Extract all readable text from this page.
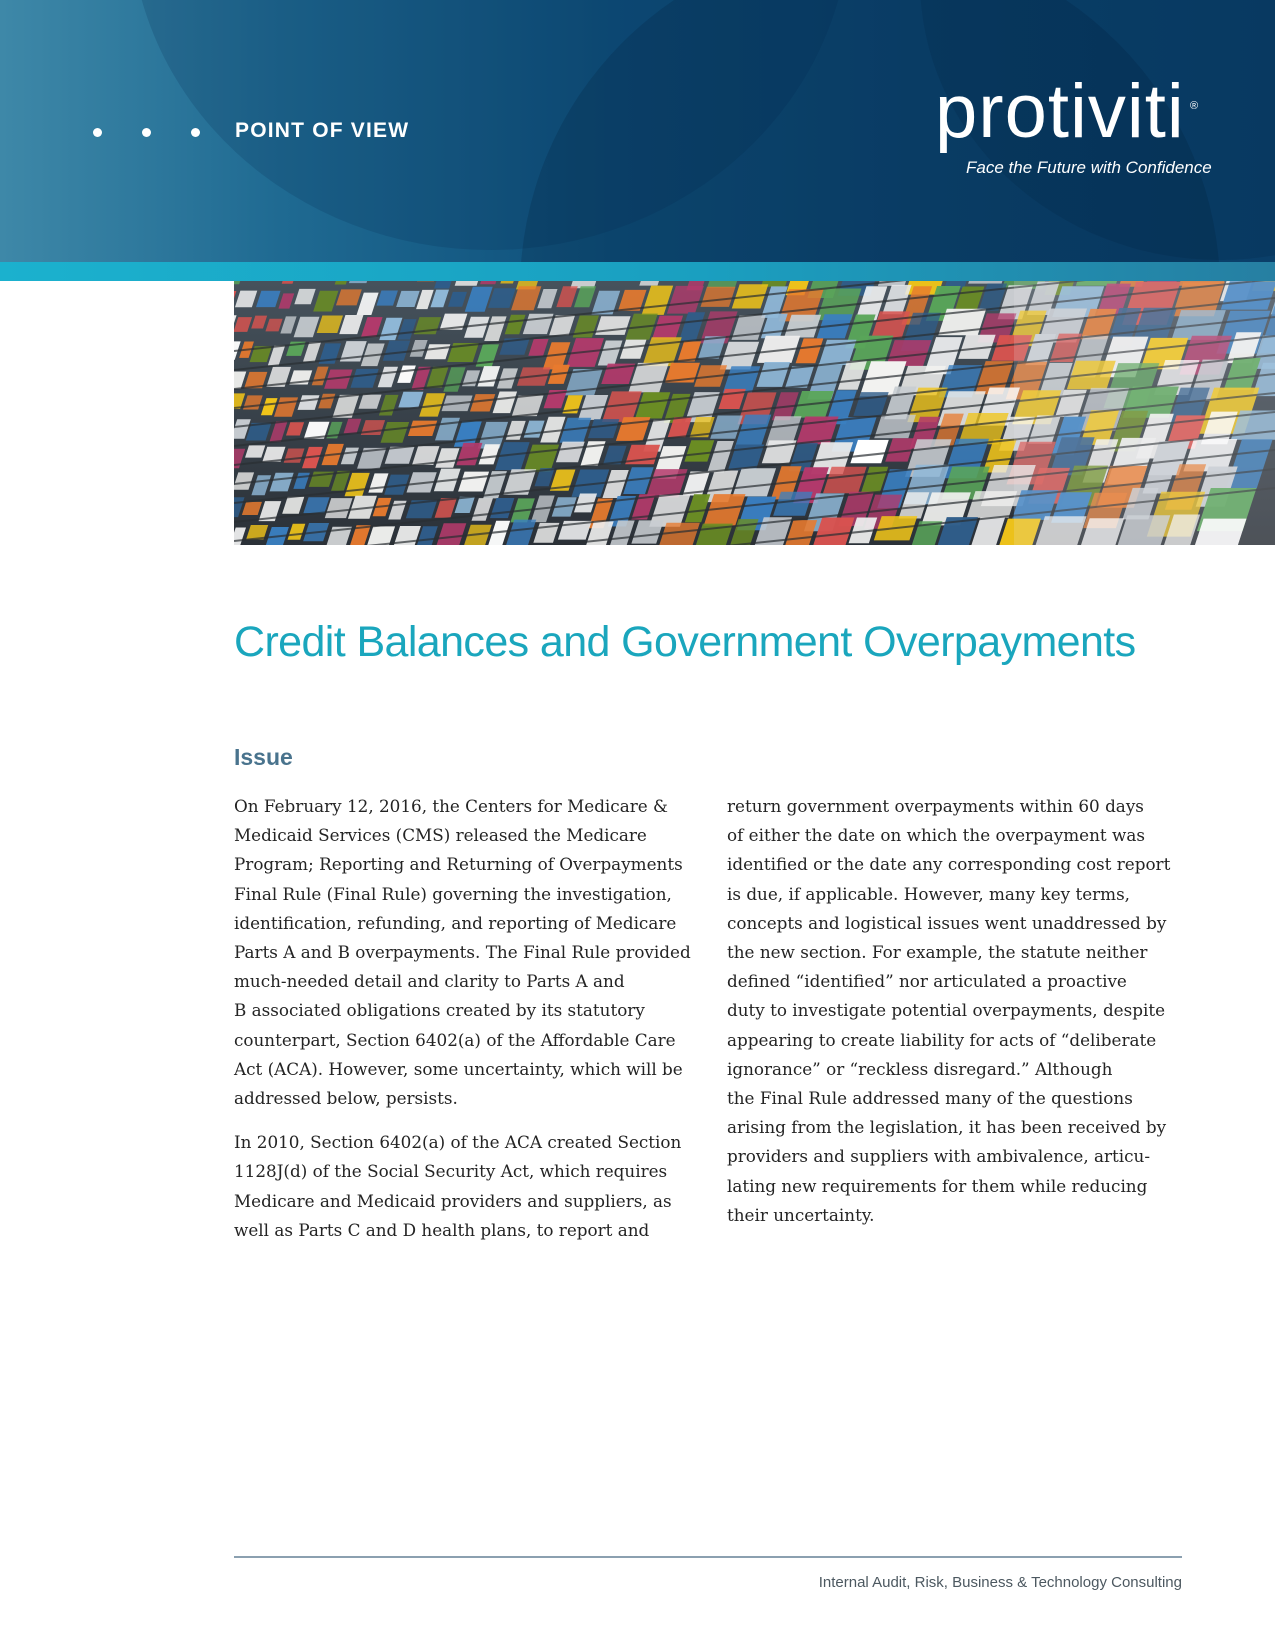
POINT OF VIEW	protiviti ®
Face the Future with Confidence
Credit Balances and Government Overpayments
Issue

On February 12, 2016, the Centers for Medicare &
Medicaid Services (CMS) released the Medicare
Program; Reporting and Returning of Overpayments
Final Rule (Final Rule) governing the investigation,
identification, refunding, and reporting of Medicare
Parts A and B overpayments. The Final Rule provided
much-needed detail and clarity to Parts A and
B associated obligations created by its statutory
counterpart, Section 6402(a) of the Affordable Care
Act (ACA). However, some uncertainty, which will be
addressed below, persists.

In 2010, Section 6402(a) of the ACA created Section
1128J(d) of the Social Security Act, which requires
Medicare and Medicaid providers and suppliers, as
well as Parts C and D health plans, to report and

return government overpayments within 60 days
of either the date on which the overpayment was
identified or the date any corresponding cost report
is due, if applicable. However, many key terms,
concepts and logistical issues went unaddressed by
the new section. For example, the statute neither
defined “identified” nor articulated a proactive
duty to investigate potential overpayments, despite
appearing to create liability for acts of “deliberate
ignorance” or “reckless disregard.” Although
the Final Rule addressed many of the questions
arising from the legislation, it has been received by
providers and suppliers with ambivalence, articu-
lating new requirements for them while reducing
their uncertainty.

Internal Audit, Risk, Business & Technology Consulting
